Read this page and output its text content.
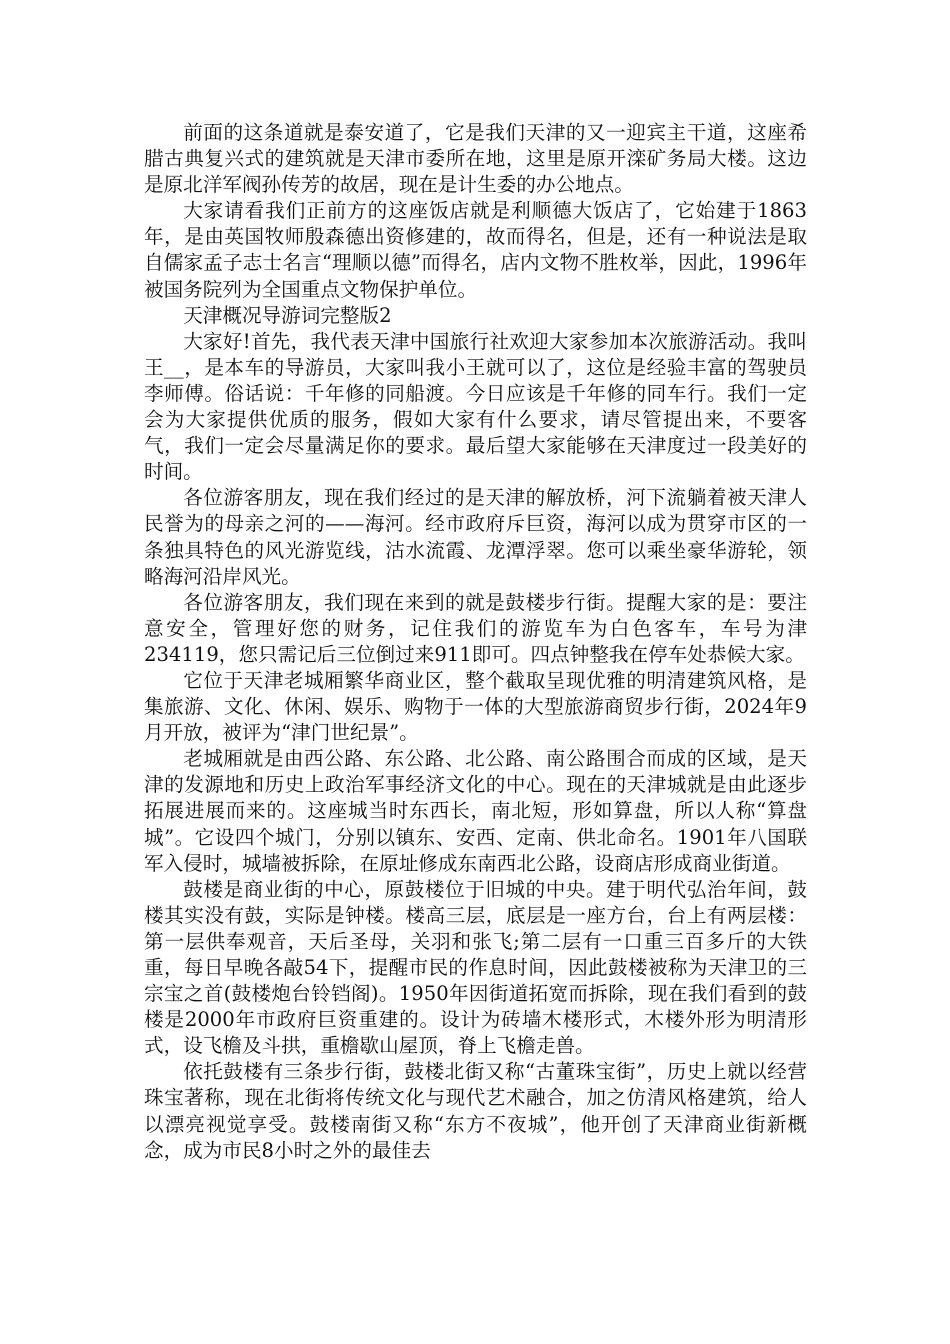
前面的这条道就是泰安道了，它是我们天津的又一迎宾主干道，这座希腊古典复兴式的建筑就是天津市委所在地，这里是原开滦矿务局大楼。这边是原北洋军阀孙传芳的故居，现在是计生委的办公地点。

大家请看我们正前方的这座饭店就是利顺德大饭店了，它始建于1863年，是由英国牧师殷森德出资修建的，故而得名，但是，还有一种说法是取自儒家孟子志士名言“理顺以德”而得名，店内文物不胜枚举，因此，1996年被国务院列为全国重点文物保护单位。

天津概况导游词完整版2

大家好!首先，我代表天津中国旅行社欢迎大家参加本次旅游活动。我叫王__，是本车的导游员，大家叫我小王就可以了，这位是经验丰富的驾驶员李师傅。俗话说：千年修的同船渡。今日应该是千年修的同车行。我们一定会为大家提供优质的服务，假如大家有什么要求，请尽管提出来，不要客气，我们一定会尽量满足你的要求。最后望大家能够在天津度过一段美好的时间。

各位游客朋友，现在我们经过的是天津的解放桥，河下流躺着被天津人民誉为的母亲之河的——海河。经市政府斥巨资，海河以成为贯穿市区的一条独具特色的风光游览线，沽水流霞、龙潭浮翠。您可以乘坐豪华游轮，领略海河沿岸风光。

各位游客朋友，我们现在来到的就是鼓楼步行街。提醒大家的是：要注意安全，管理好您的财务，记住我们的游览车为白色客车，车号为津234119，您只需记后三位倒过来911即可。四点钟整我在停车处恭候大家。

它位于天津老城厢繁华商业区，整个截取呈现优雅的明清建筑风格，是集旅游、文化、休闲、娱乐、购物于一体的大型旅游商贸步行街，2024年9月开放，被评为“津门世纪景”。

老城厢就是由西公路、东公路、北公路、南公路围合而成的区域，是天津的发源地和历史上政治军事经济文化的中心。现在的天津城就是由此逐步拓展进展而来的。这座城当时东西长，南北短，形如算盘，所以人称“算盘城”。它设四个城门，分别以镇东、安西、定南、供北命名。1901年八国联军入侵时，城墙被拆除，在原址修成东南西北公路，设商店形成商业街道。

鼓楼是商业街的中心，原鼓楼位于旧城的中央。建于明代弘治年间，鼓楼其实没有鼓，实际是钟楼。楼高三层，底层是一座方台，台上有两层楼：第一层供奉观音，天后圣母，关羽和张飞;第二层有一口重三百多斤的大铁重，每日早晚各敲54下，提醒市民的作息时间，因此鼓楼被称为天津卫的三宗宝之首(鼓楼炮台铃铛阁)。1950年因街道拓宽而拆除，现在我们看到的鼓楼是2000年市政府巨资重建的。设计为砖墙木楼形式，木楼外形为明清形式，设飞檐及斗拱，重檐歇山屋顶，脊上飞檐走兽。

依托鼓楼有三条步行街，鼓楼北街又称“古董珠宝街”，历史上就以经营珠宝著称，现在北街将传统文化与现代艺术融合，加之仿清风格建筑，给人以漂亮视觉享受。鼓楼南街又称“东方不夜城”，他开创了天津商业街新概念，成为市民8小时之外的最佳去
